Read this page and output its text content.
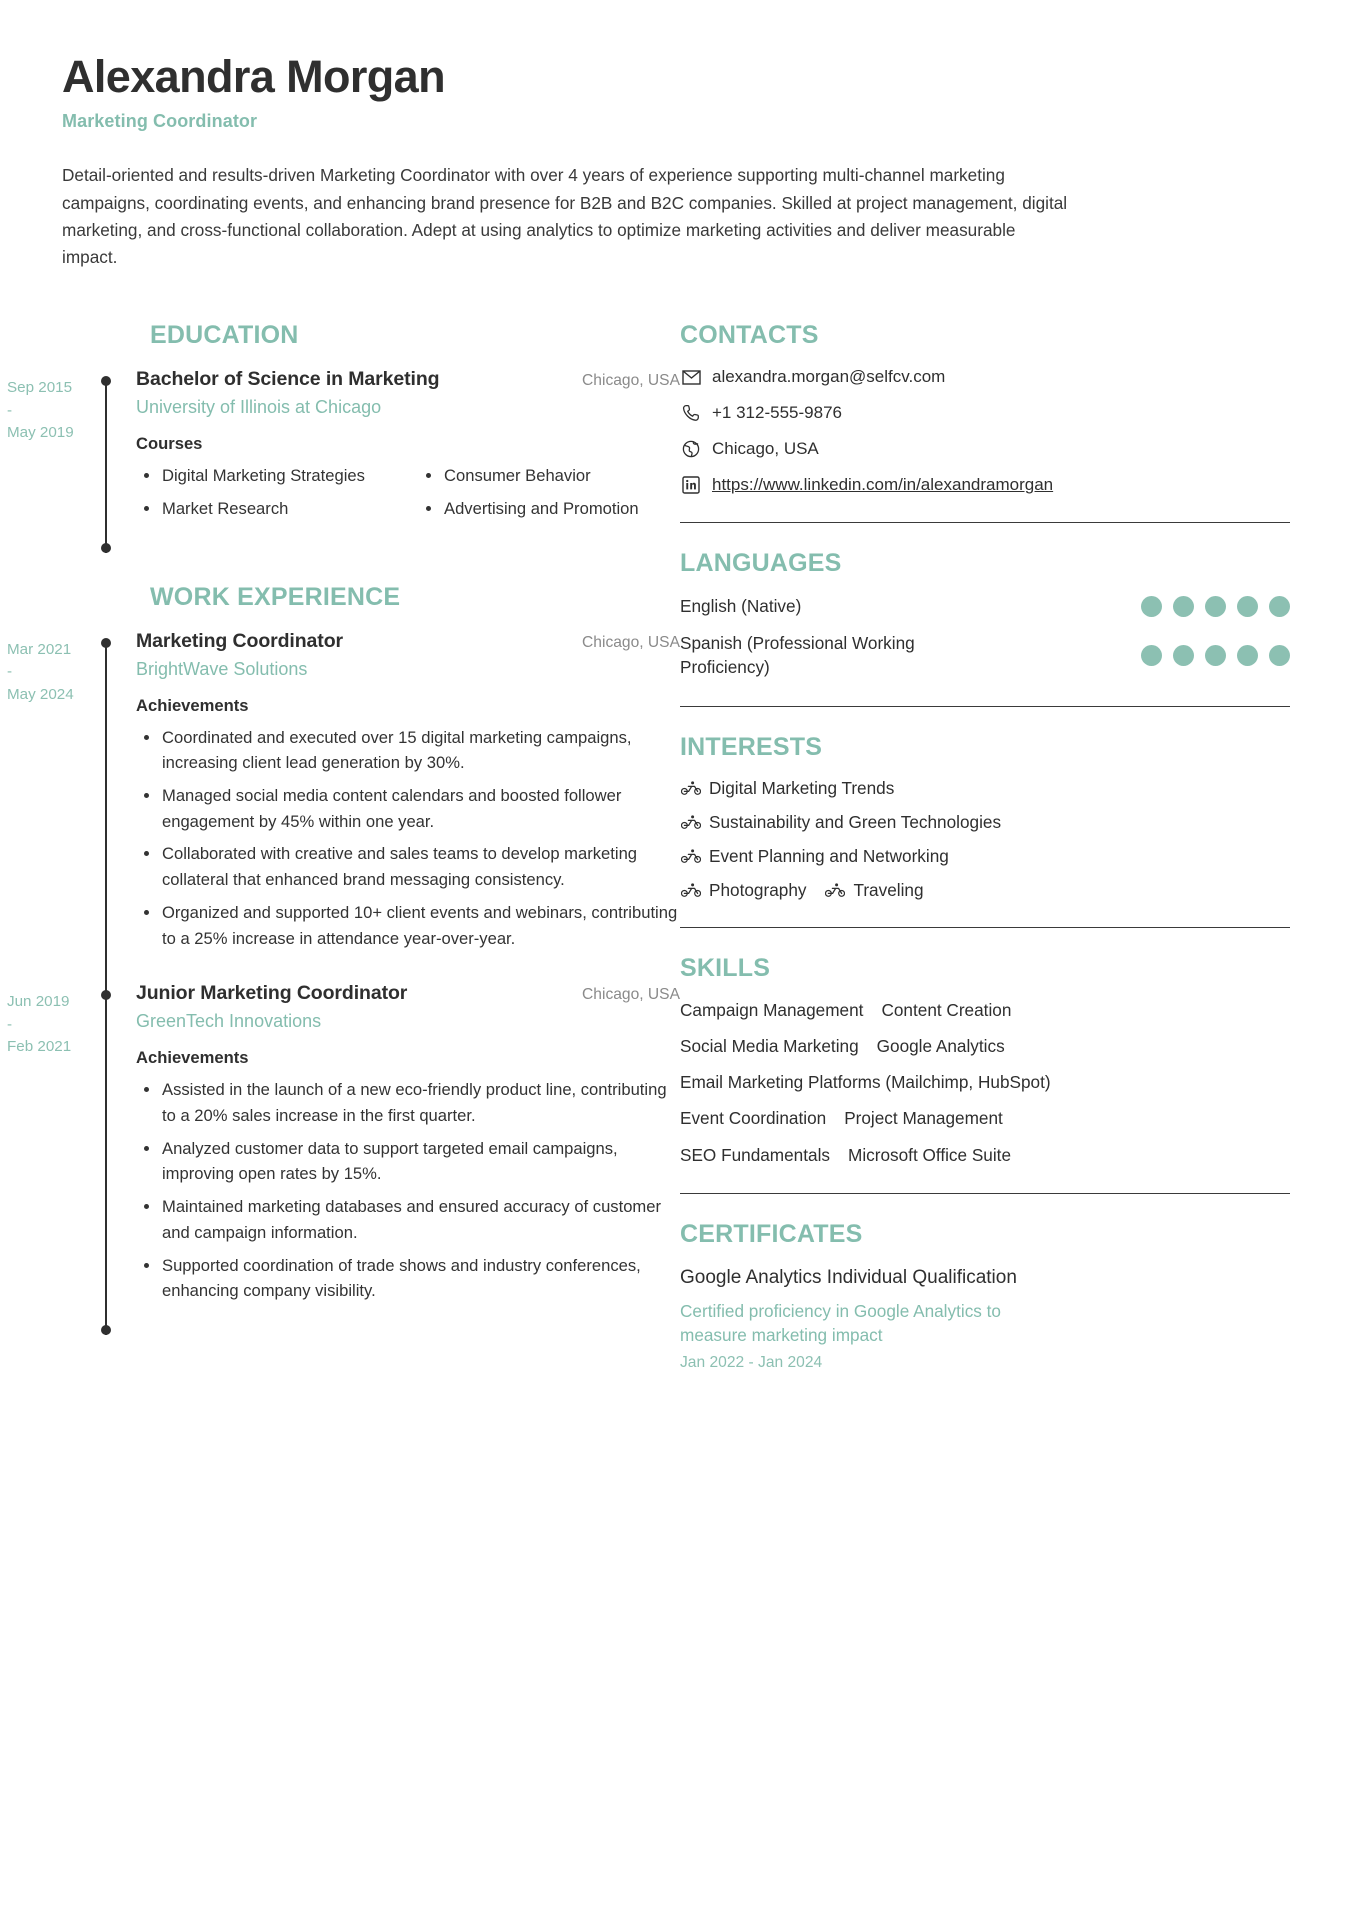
Alexandra Morgan
Marketing Coordinator
Detail-oriented and results-driven Marketing Coordinator with over 4 years of experience supporting multi-channel marketing campaigns, coordinating events, and enhancing brand presence for B2B and B2C companies. Skilled at project management, digital marketing, and cross-functional collaboration. Adept at using analytics to optimize marketing activities and deliver measurable impact.
EDUCATION
Sep 2015
-
May 2019
Bachelor of Science in Marketing	Chicago, USA
University of Illinois at Chicago
Courses
Digital Marketing Strategies	Consumer Behavior
Market Research	Advertising and Promotion
WORK EXPERIENCE
Mar 2021
-
May 2024
Marketing Coordinator	Chicago, USA
BrightWave Solutions
Achievements
Coordinated and executed over 15 digital marketing campaigns, increasing client lead generation by 30%.
Managed social media content calendars and boosted follower engagement by 45% within one year.
Collaborated with creative and sales teams to develop marketing collateral that enhanced brand messaging consistency.
Organized and supported 10+ client events and webinars, contributing to a 25% increase in attendance year-over-year.
Jun 2019
-
Feb 2021
Junior Marketing Coordinator	Chicago, USA
GreenTech Innovations
Achievements
Assisted in the launch of a new eco-friendly product line, contributing to a 20% sales increase in the first quarter.
Analyzed customer data to support targeted email campaigns, improving open rates by 15%.
Maintained marketing databases and ensured accuracy of customer and campaign information.
Supported coordination of trade shows and industry conferences, enhancing company visibility.
CONTACTS
alexandra.morgan@selfcv.com
+1 312-555-9876
Chicago, USA
https://www.linkedin.com/in/alexandramorgan
LANGUAGES
English (Native)
Spanish (Professional Working Proficiency)
INTERESTS
Digital Marketing Trends
Sustainability and Green Technologies
Event Planning and Networking
Photography	Traveling
SKILLS
Campaign Management Content Creation
Social Media Marketing Google Analytics
Email Marketing Platforms (Mailchimp, HubSpot)
Event Coordination Project Management
SEO Fundamentals Microsoft Office Suite
CERTIFICATES
Google Analytics Individual Qualification
Certified proficiency in Google Analytics to measure marketing impact
Jan 2022 - Jan 2024
